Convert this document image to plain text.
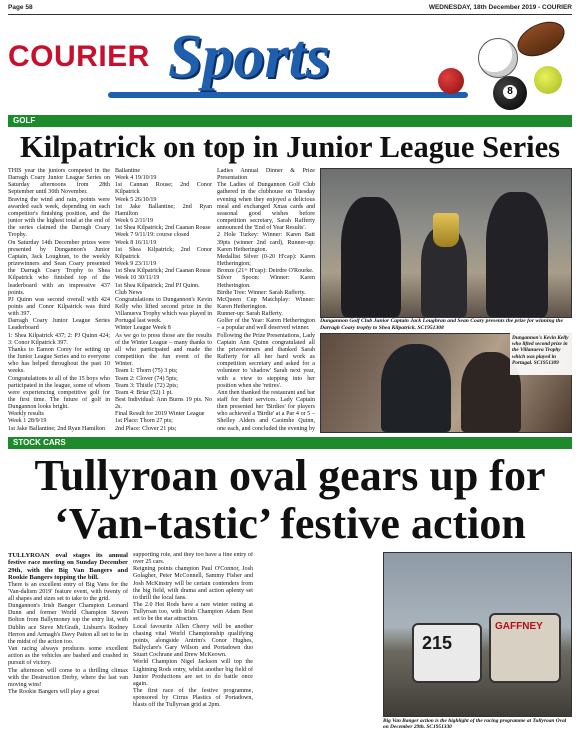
Page 58	WEDNESDAY, 18th December 2019 - COURIER
COURIER Sports
8
GOLF
Kilpatrick on top in Junior League Series

THIS year the juniors competed in the Darragh Coary Junior League Series on Saturday afternoons from 28th September until 30th November.

Braving the wind and rain, points were awarded each week, depending on each competitor's finishing position, and the junior with the highest total at the end of the series claimed the Darragh Coary Trophy.

On Saturday 14th December prizes were presented by Dungannon's Junior Captain, Jack Loughran, to the weekly prizewinners and Sean Coary presented the Darragh Coary Trophy to Shea Kilpatrick who finished top of the leaderboard with an impressive 437 points.

PJ Quinn was second overall with 424 points and Conor Kilpatrick was third with 397.

Darragh Coary Junior League Series Leaderboard

1: Shea Kilpatrick 437; 2: PJ Quinn 424; 3: Conor Kilpatrick 397.

Thanks to Eamon Corey for setting up the Junior League Series and to everyone who has helped throughout the past 10 weeks.

Congratulations to all of the 15 boys who participated in the league, some of whom were experiencing competitive golf for the first time. The future of golf in Dungannon looks bright.

Weekly results

Week 1 28/9/19

1st Jake Ballantine; 2nd Ryan Hamilton

Ballantine

Week 4 19/10/19

1st Cannan Rouse; 2nd Conor Kilpatrick

Week 5 26/10/19

1st Jake Ballantine; 2nd Ryan Hamilton

Week 6 2/11/19

1st Shea Kilpatrick; 2nd Caanan Rouse

Week 7 9/11/19: course closed

Week 8 16/11/19

1st Shea Kilpatrick; 2nd Conor Kilpatrick

Week 9 23/11/19

1st Shea Kilpatrick; 2nd Caanan Rouse

Week 10 30/11/19

1st Shea Kilpatrick; 2nd PJ Quinn.

Club News

Congratulations to Dungannon's Kevin Kelly who lifted second prize in the Villanueva Trophy which was played in Portugal last week.

Winter League Week 8

As we go to press those are the results of the Winter League – many thanks to all who participated and made the competition the fun event of the Winter.

Team 1: Thorn (75) 3 pts;

Team 2: Clover (74) 5pts;

Team 3: Thistle (72) 2pts;

Team 4: Briar (52) 1 pt.

Best Individual: Ann Burns 19 pts. No 2s.

Final Result for 2019 Winter League

1st Place: Thorn 27 pts;

2nd Place: Clover 21 pts;

Ladies Annual Dinner & Prize Presentation

The Ladies of Dungannon Golf Club gathered in the clubhouse on Tuesday evening when they enjoyed a delicious meal and exchanged Xmas cards and seasonal good wishes before competition secretary, Sarah Rafferty announced the 'End of Year Results'.

2 Hole Turkey: Winner: Karen Batt 39pts (winner 2nd card), Runner-up: Karen Hetherington.

Medallist Silver (0-20 H'cap): Karen Hetherington;

Bronze (21+ H'cap): Deirdre O'Rourke.

Silver Spoon: Winner: Karen Hetherington.

Birdie Tree: Winner: Sarah Rafferty.

McQueen Cup Matchplay: Winner: Karen Hetherington.

Runner-up: Sarah Rafferty.

Golfer of the Year: Karen Hetherington – a popular and well deserved winner.

Following the Prize Presentations, Lady Captain Ann Quinn congratulated all the prizewinners and thanked Sarah Rafferty for all her hard work as competition secretary and asked for a volunteer to 'shadow' Sarah next year, with a view to stepping into her position when she 'retires'.

Ann then thanked the restaurant and bar staff for their services. Lady Captain then presented her 'Birdies' for players who achieved a 'Birdie' at a Par 4 or 5 – Shelley Alders and Caoimhe Quinn, one each, and concluded the evening by

Dungannon Golf Club Junior Captain Jack Loughran and Sean Coary presents the prize for winning the Darragh Coary trophy to Shea Kilpatrick. SC1951308
Dungannon's Kevin Kelly who lifted second prize in the Villanueva Trophy which was played in Portugal. SC1951309
STOCK CARS
Tullyroan oval gears up for
‘Van-tastic’ festive action

TULLYROAN oval stages its annual festive race meeting on Sunday December 29th, with the Big Van Bangers and Rookie Bangers topping the bill.

There is an excellent entry of Big Vans for the 'Van-dalism 2019' feature event, with twenty of all shapes and sizes set to take to the grid.

Dungannon's Irish Banger Champion Leonard Dunn and former World Champion Steven Bolton from Ballymoney top the entry list, with Dublin ace Steve McGrath, Lisburn's Rodney Herron and Armagh's Davy Patton all set to be in the midst of the action too.

Van racing always produces some excellent action as the vehicles are bashed and crashed in pursuit of victory.

The afternoon will come to a thrilling climax with the Destruction Derby, where the last van moving wins!

The Rookie Bangers will play a great

supporting role, and they too have a fine entry of over 25 cars.

Reigning points champion Paul O'Connor, Josh Golagher, Peter McConnell, Sammy Fisher and Josh McKinstry will be certain contenders from the big field, with drama and action aplenty set to thrill the local fans.

The 2.0 Hot Rods have a rare winter outing at Tullyroan too, with Irish Champion Adam Best set to be the star attraction.

Local favourite Allen Cherry will be another chasing vital World Championship qualifying points, alongside Antrim's Conor Hughes, Ballyclare's Gary Wilson and Portadown duo Stuart Cochrane and Drew McKeown.

World Champion Nigel Jackson will top the Lightning Rods entry, whilst another big field of Junior Productions are set to do battle once again.

The first race of the festive programme, sponsored by Cirrus Plastics of Portadown, blasts off the Tullyroan grid at 2pm.

215
GAFFNEY
Big Van Banger action is the highlight of the racing programme at Tullyroan Oval on December 29th. SC1951330
